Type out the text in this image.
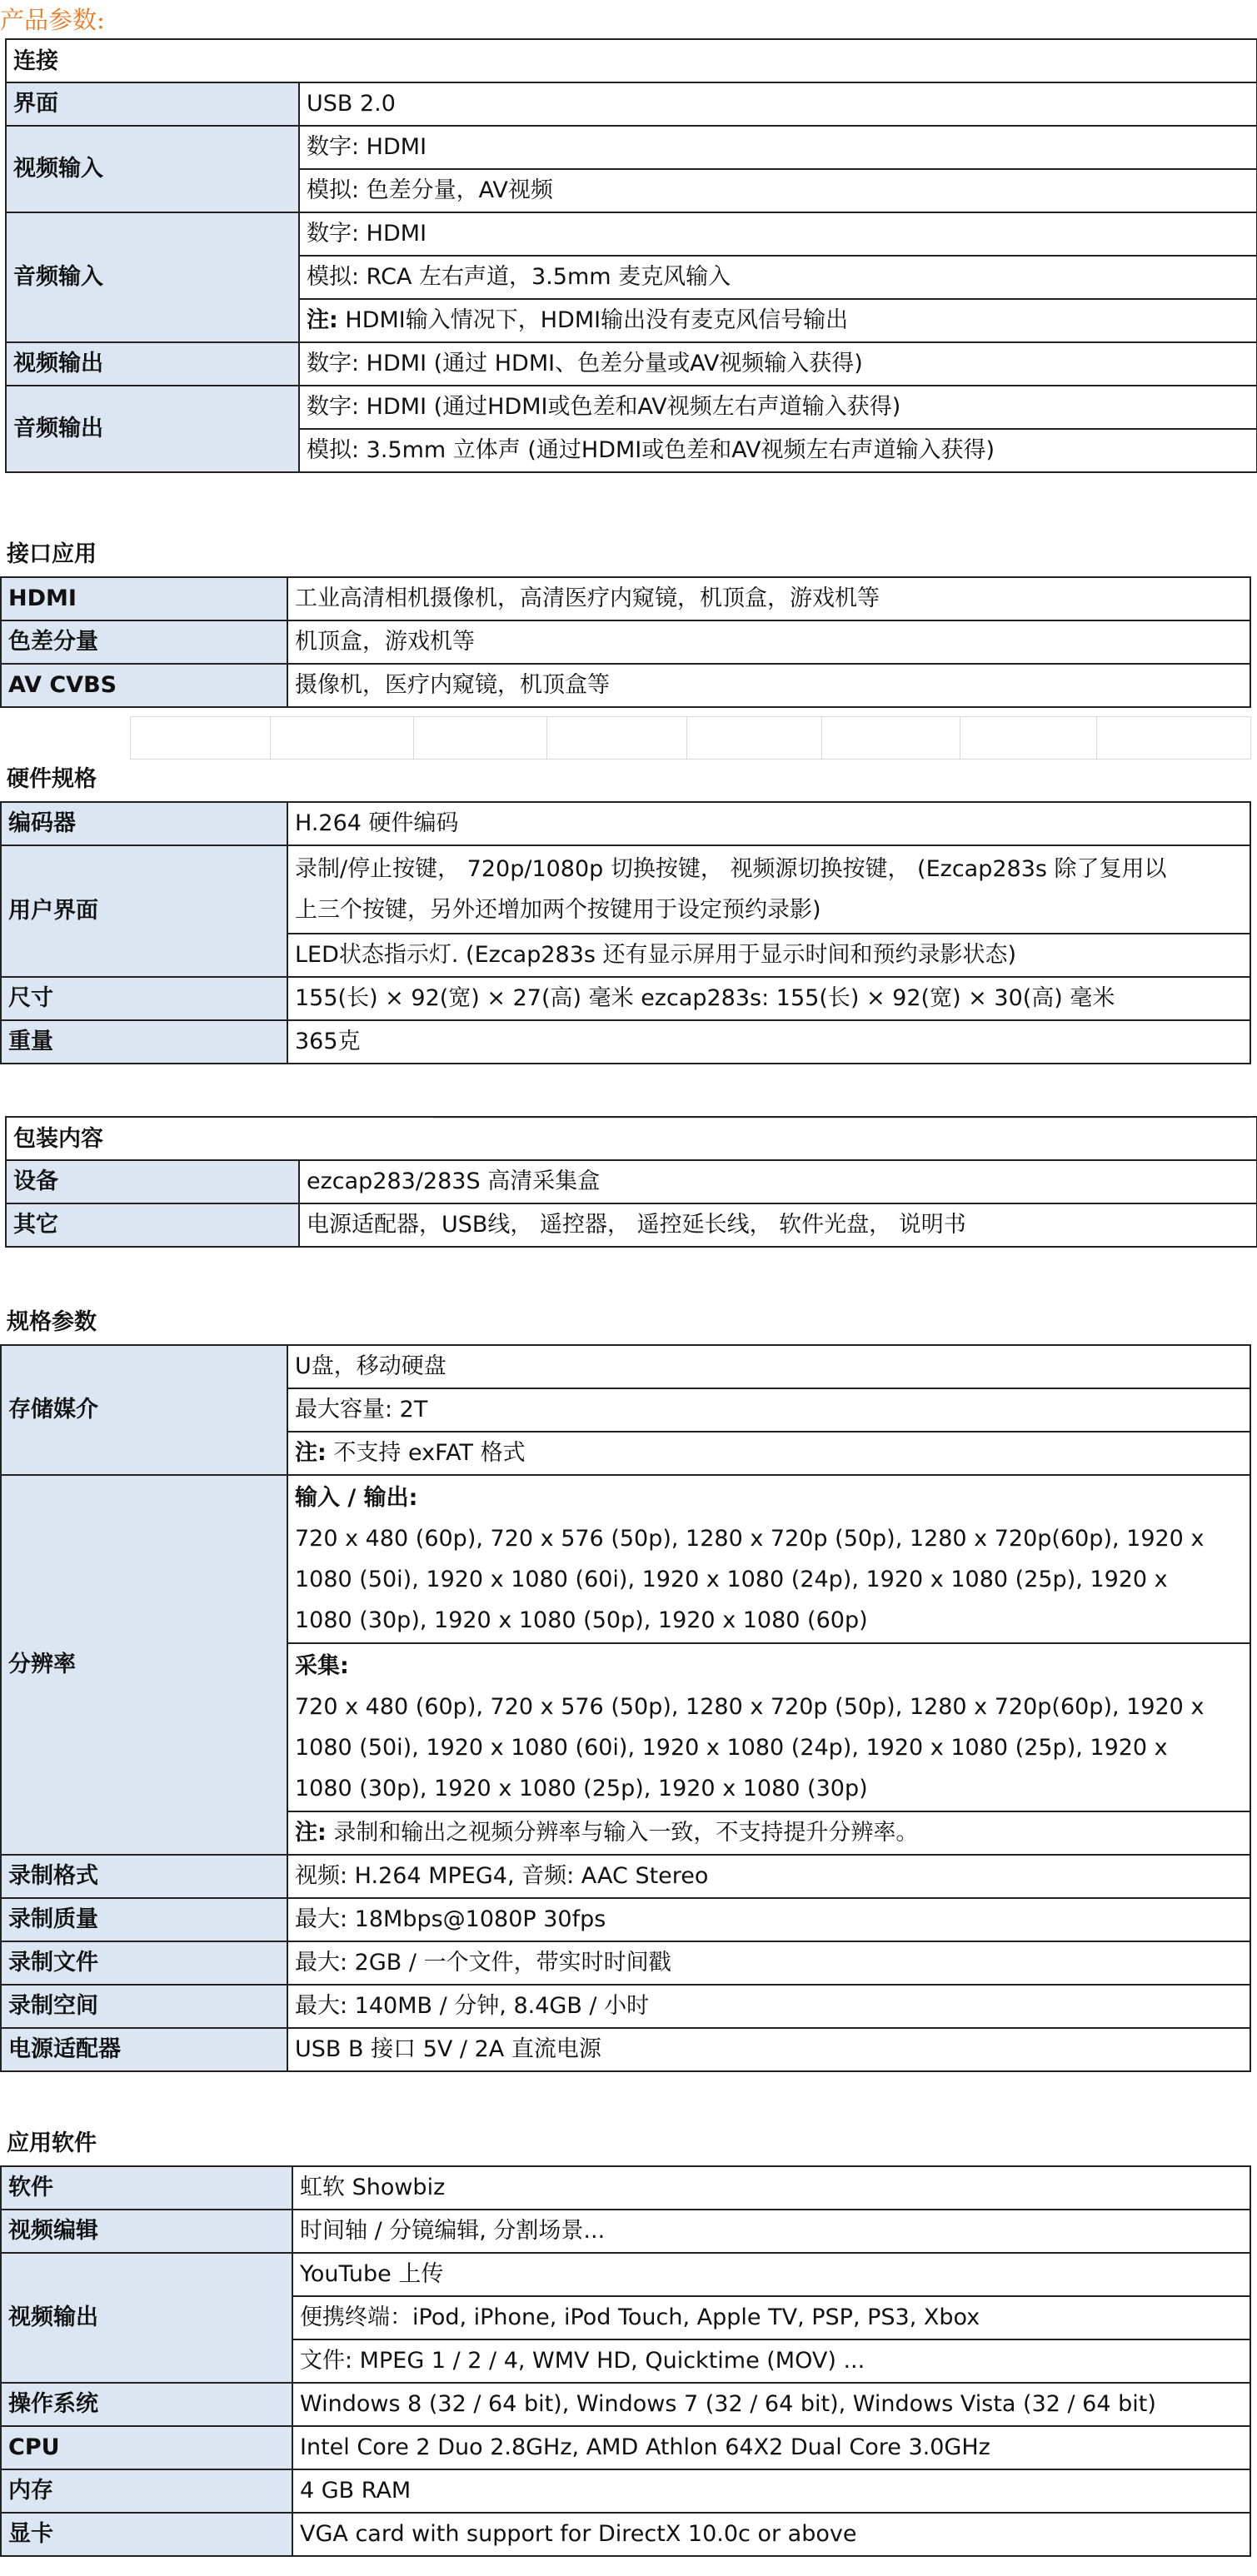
产品参数:
连接
界面	USB 2.0
视频输入	数字: HDMI
	模拟: 色差分量，AV视频
音频输入	数字: HDMI
	模拟: RCA 左右声道，3.5mm 麦克风输入
	注: HDMI输入情况下，HDMI输出没有麦克风信号输出
视频输出	数字: HDMI (通过 HDMI、色差分量或AV视频输入获得)
音频输出	数字: HDMI (通过HDMI或色差和AV视频左右声道输入获得)
	模拟: 3.5mm 立体声 (通过HDMI或色差和AV视频左右声道输入获得)
接口应用
HDMI	工业高清相机摄像机，高清医疗内窥镜，机顶盒，游戏机等
色差分量	机顶盒，游戏机等
AV CVBS	摄像机，医疗内窥镜，机顶盒等
硬件规格
编码器	H.264 硬件编码
用户界面	录制/停止按键， 720p/1080p 切换按键， 视频源切换按键， (Ezcap283s 除了复用以
上三个按键，另外还增加两个按键用于设定预约录影)

	LED状态指示灯. (Ezcap283s 还有显示屏用于显示时间和预约录影状态)
尺寸	155(长) × 92(宽) × 27(高) 毫米 ezcap283s: 155(长) × 92(宽) × 30(高) 毫米
重量	365克
包装内容
设备	ezcap283/283S 高清采集盒
其它	电源适配器，USB线， 遥控器， 遥控延长线， 软件光盘， 说明书
规格参数
存储媒介	U盘，移动硬盘
	最大容量: 2T
	注: 不支持 exFAT 格式
分辨率	输入 / 输出:
720 x 480 (60p), 720 x 576 (50p), 1280 x 720p (50p), 1280 x 720p(60p), 1920 x
1080 (50i), 1920 x 1080 (60i), 1920 x 1080 (24p), 1920 x 1080 (25p), 1920 x
1080 (30p), 1920 x 1080 (50p), 1920 x 1080 (60p)

	采集:
720 x 480 (60p), 720 x 576 (50p), 1280 x 720p (50p), 1280 x 720p(60p), 1920 x
1080 (50i), 1920 x 1080 (60i), 1920 x 1080 (24p), 1920 x 1080 (25p), 1920 x
1080 (30p), 1920 x 1080 (25p), 1920 x 1080 (30p)

	注: 录制和输出之视频分辨率与输入一致，不支持提升分辨率。
录制格式	视频: H.264 MPEG4, 音频: AAC Stereo
录制质量	最大: 18Mbps@1080P 30fps
录制文件	最大: 2GB / 一个文件，带实时时间戳
录制空间	最大: 140MB / 分钟, 8.4GB / 小时
电源适配器	USB B 接口 5V / 2A 直流电源
应用软件
软件	虹软 Showbiz
视频编辑	时间轴 / 分镜编辑, 分割场景...
视频输出	YouTube 上传
	便携终端：iPod, iPhone, iPod Touch, Apple TV, PSP, PS3, Xbox
	文件: MPEG 1 / 2 / 4, WMV HD, Quicktime (MOV) ...
操作系统	Windows 8 (32 / 64 bit), Windows 7 (32 / 64 bit), Windows Vista (32 / 64 bit)
CPU	Intel Core 2 Duo 2.8GHz, AMD Athlon 64X2 Dual Core 3.0GHz
内存	4 GB RAM
显卡	VGA card with support for DirectX 10.0c or above
